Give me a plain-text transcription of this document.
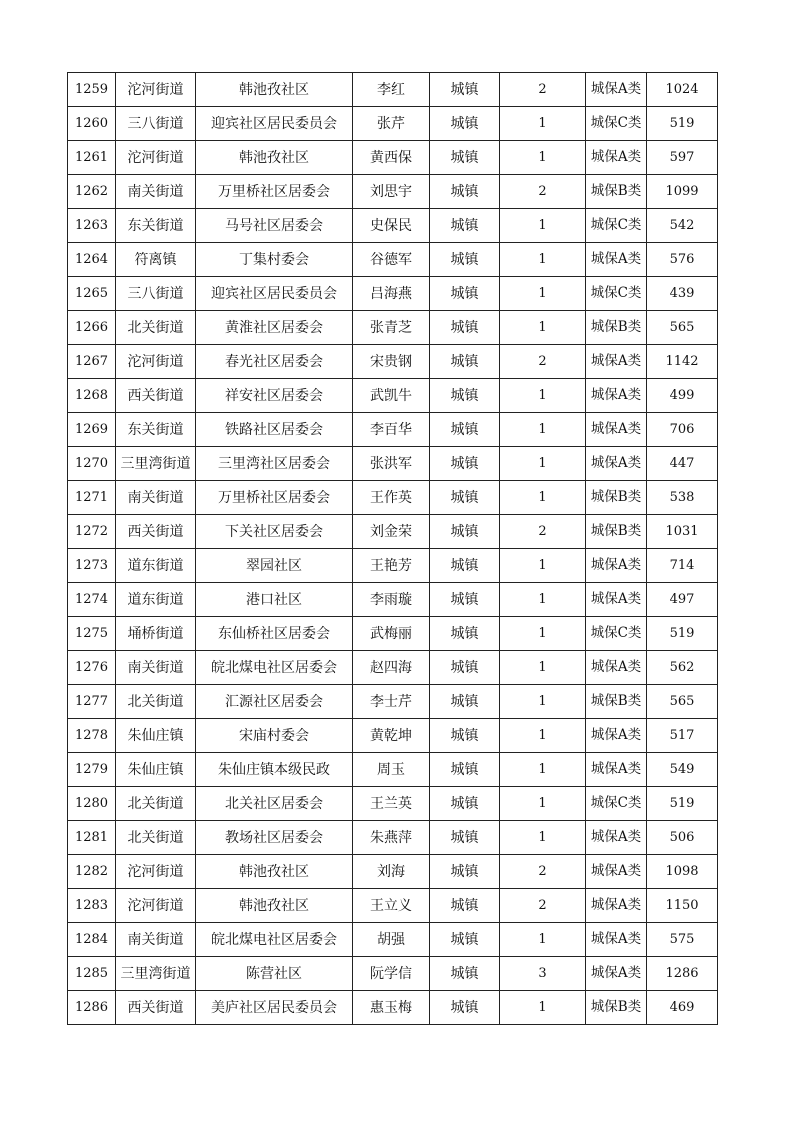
1259	沱河街道	韩池孜社区	李红	城镇	2	城保A类	1024
1260	三八街道	迎宾社区居民委员会	张芹	城镇	1	城保C类	519
1261	沱河街道	韩池孜社区	黄西保	城镇	1	城保A类	597
1262	南关街道	万里桥社区居委会	刘思宇	城镇	2	城保B类	1099
1263	东关街道	马号社区居委会	史保民	城镇	1	城保C类	542
1264	符离镇	丁集村委会	谷德军	城镇	1	城保A类	576
1265	三八街道	迎宾社区居民委员会	吕海燕	城镇	1	城保C类	439
1266	北关街道	黄淮社区居委会	张青芝	城镇	1	城保B类	565
1267	沱河街道	春光社区居委会	宋贵钢	城镇	2	城保A类	1142
1268	西关街道	祥安社区居委会	武凯牛	城镇	1	城保A类	499
1269	东关街道	铁路社区居委会	李百华	城镇	1	城保A类	706
1270	三里湾街道	三里湾社区居委会	张洪军	城镇	1	城保A类	447
1271	南关街道	万里桥社区居委会	王作英	城镇	1	城保B类	538
1272	西关街道	下关社区居委会	刘金荣	城镇	2	城保B类	1031
1273	道东街道	翠园社区	王艳芳	城镇	1	城保A类	714
1274	道东街道	港口社区	李雨璇	城镇	1	城保A类	497
1275	埇桥街道	东仙桥社区居委会	武梅丽	城镇	1	城保C类	519
1276	南关街道	皖北煤电社区居委会	赵四海	城镇	1	城保A类	562
1277	北关街道	汇源社区居委会	李士芹	城镇	1	城保B类	565
1278	朱仙庄镇	宋庙村委会	黄乾坤	城镇	1	城保A类	517
1279	朱仙庄镇	朱仙庄镇本级民政	周玉	城镇	1	城保A类	549
1280	北关街道	北关社区居委会	王兰英	城镇	1	城保C类	519
1281	北关街道	教场社区居委会	朱燕萍	城镇	1	城保A类	506
1282	沱河街道	韩池孜社区	刘海	城镇	2	城保A类	1098
1283	沱河街道	韩池孜社区	王立义	城镇	2	城保A类	1150
1284	南关街道	皖北煤电社区居委会	胡强	城镇	1	城保A类	575
1285	三里湾街道	陈营社区	阮学信	城镇	3	城保A类	1286
1286	西关街道	美庐社区居民委员会	惠玉梅	城镇	1	城保B类	469
